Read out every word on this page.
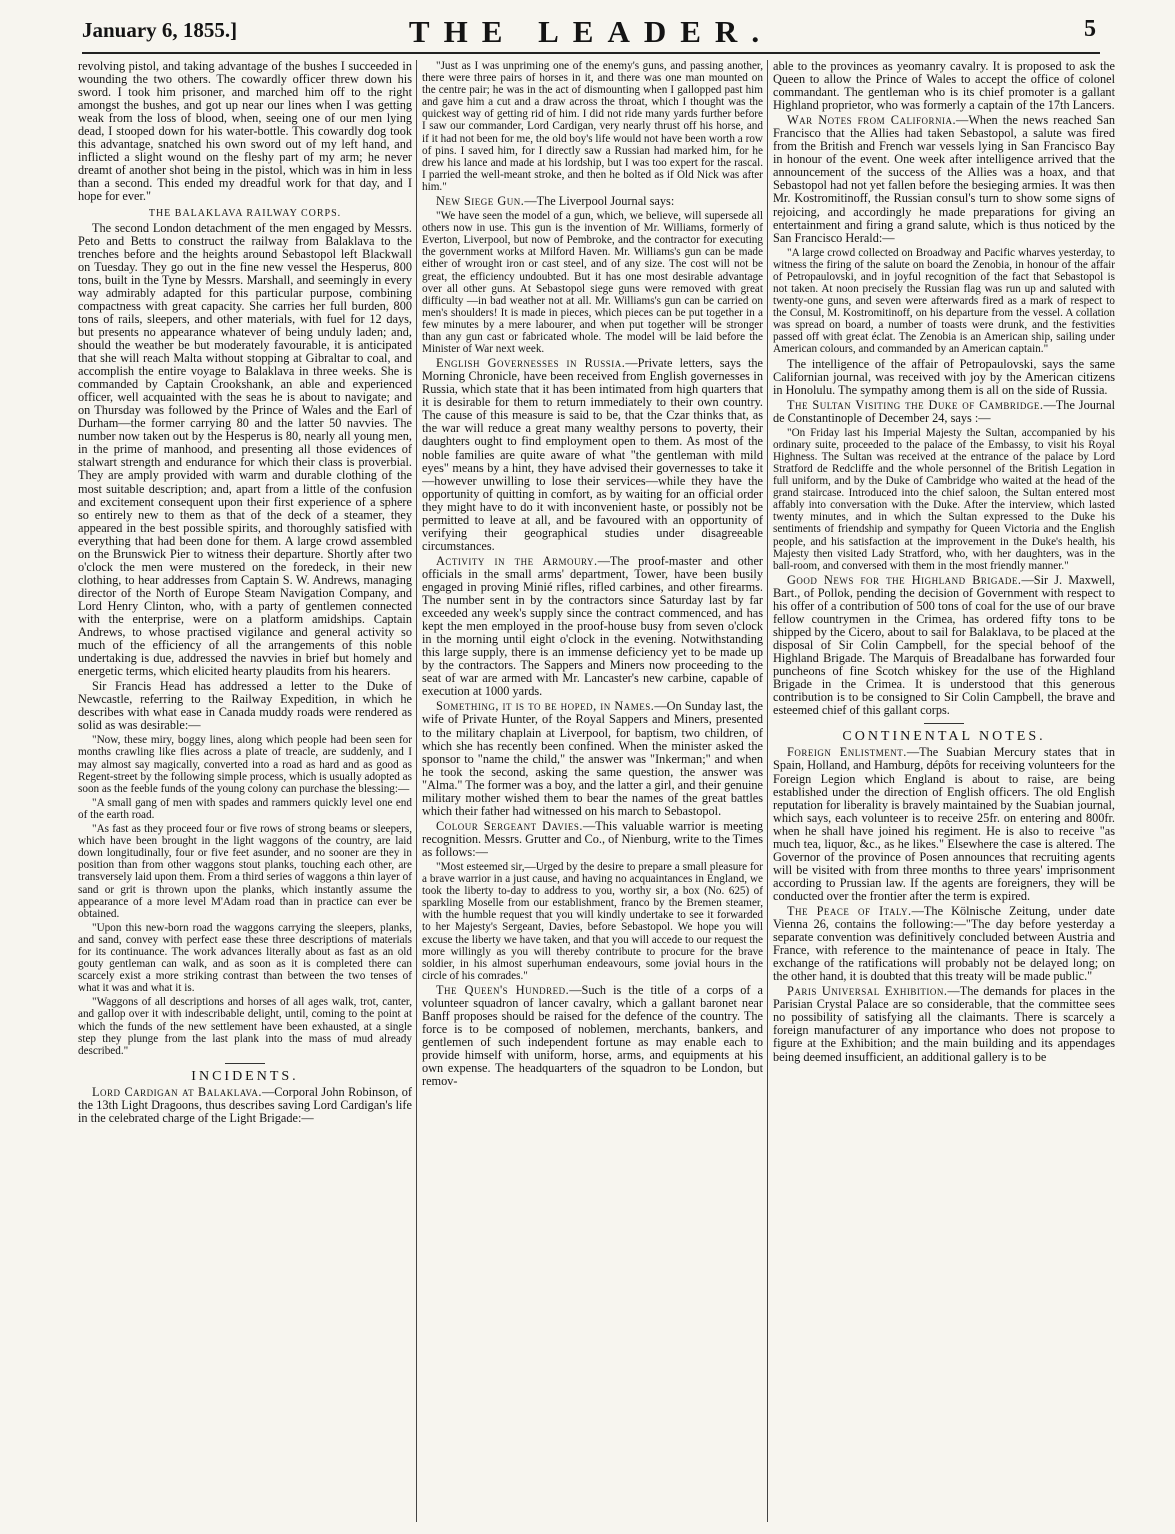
January 6, 1855.]	THE LEADER.	5

revolving pistol, and taking advantage of the bushes I succeeded in wounding the two others. The cowardly officer threw down his sword. I took him prisoner, and marched him off to the right amongst the bushes, and got up near our lines when I was getting weak from the loss of blood, when, seeing one of our men lying dead, I stooped down for his water-bottle. This cowardly dog took this advantage, snatched his own sword out of my left hand, and inflicted a slight wound on the fleshy part of my arm; he never dreamt of another shot being in the pistol, which was in him in less than a second. This ended my dreadful work for that day, and I hope for ever."

THE BALAKLAVA RAILWAY CORPS.

The second London detachment of the men engaged by Messrs. Peto and Betts to construct the railway from Balaklava to the trenches before and the heights around Sebastopol left Blackwall on Tuesday. They go out in the fine new vessel the Hesperus, 800 tons, built in the Tyne by Messrs. Marshall, and seemingly in every way admirably adapted for this particular purpose, combining compactness with great capacity. She carries her full burden, 800 tons of rails, sleepers, and other materials, with fuel for 12 days, but presents no appearance whatever of being unduly laden; and, should the weather be but moderately favourable, it is anticipated that she will reach Malta without stopping at Gibraltar to coal, and accomplish the entire voyage to Balaklava in three weeks. She is commanded by Captain Crookshank, an able and experienced officer, well acquainted with the seas he is about to navigate; and on Thursday was followed by the Prince of Wales and the Earl of Durham—the former carrying 80 and the latter 50 navvies. The number now taken out by the Hesperus is 80, nearly all young men, in the prime of manhood, and presenting all those evidences of stalwart strength and endurance for which their class is proverbial. They are amply provided with warm and durable clothing of the most suitable description; and, apart from a little of the confusion and excitement consequent upon their first experience of a sphere so entirely new to them as that of the deck of a steamer, they appeared in the best possible spirits, and thoroughly satisfied with everything that had been done for them. A large crowd assembled on the Brunswick Pier to witness their departure. Shortly after two o'clock the men were mustered on the foredeck, in their new clothing, to hear addresses from Captain S. W. Andrews, managing director of the North of Europe Steam Navigation Company, and Lord Henry Clinton, who, with a party of gentlemen connected with the enterprise, were on a platform amidships. Captain Andrews, to whose practised vigilance and general activity so much of the efficiency of all the arrangements of this noble undertaking is due, addressed the navvies in brief but homely and energetic terms, which elicited hearty plaudits from his hearers.

Sir Francis Head has addressed a letter to the Duke of Newcastle, referring to the Railway Expedition, in which he describes with what ease in Canada muddy roads were rendered as solid as was desirable:—

"Now, these miry, boggy lines, along which people had been seen for months crawling like flies across a plate of treacle, are suddenly, and I may almost say magically, converted into a road as hard and as good as Regent-street by the following simple process, which is usually adopted as soon as the feeble funds of the young colony can purchase the blessing:—

"A small gang of men with spades and rammers quickly level one end of the earth road.

"As fast as they proceed four or five rows of strong beams or sleepers, which have been brought in the light waggons of the country, are laid down longitudinally, four or five feet asunder, and no sooner are they in position than from other waggons stout planks, touching each other, are transversely laid upon them. From a third series of waggons a thin layer of sand or grit is thrown upon the planks, which instantly assume the appearance of a more level M'Adam road than in practice can ever be obtained.

"Upon this new-born road the waggons carrying the sleepers, planks, and sand, convey with perfect ease these three descriptions of materials for its continuance. The work advances literally about as fast as an old gouty gentleman can walk, and as soon as it is completed there can scarcely exist a more striking contrast than between the two tenses of what it was and what it is.

"Waggons of all descriptions and horses of all ages walk, trot, canter, and gallop over it with indescribable delight, until, coming to the point at which the funds of the new settlement have been exhausted, at a single step they plunge from the last plank into the mass of mud already described."

INCIDENTS.

Lord Cardigan at Balaklava.—Corporal John Robinson, of the 13th Light Dragoons, thus describes saving Lord Cardigan's life in the celebrated charge of the Light Brigade:—

"Just as I was unpriming one of the enemy's guns, and passing another, there were three pairs of horses in it, and there was one man mounted on the centre pair; he was in the act of dismounting when I gallopped past him and gave him a cut and a draw across the throat, which I thought was the quickest way of getting rid of him. I did not ride many yards further before I saw our commander, Lord Cardigan, very nearly thrust off his horse, and if it had not been for me, the old boy's life would not have been worth a row of pins. I saved him, for I directly saw a Russian had marked him, for he drew his lance and made at his lordship, but I was too expert for the rascal. I parried the well-meant stroke, and then he bolted as if Old Nick was after him."

New Siege Gun.—The Liverpool Journal says:

"We have seen the model of a gun, which, we believe, will supersede all others now in use. This gun is the invention of Mr. Williams, formerly of Everton, Liverpool, but now of Pembroke, and the contractor for executing the government works at Milford Haven. Mr. Williams's gun can be made either of wrought iron or cast steel, and of any size. The cost will not be great, the efficiency undoubted. But it has one most desirable advantage over all other guns. At Sebastopol siege guns were removed with great difficulty —in bad weather not at all. Mr. Williams's gun can be carried on men's shoulders! It is made in pieces, which pieces can be put together in a few minutes by a mere labourer, and when put together will be stronger than any gun cast or fabricated whole. The model will be laid before the Minister of War next week.

English Governesses in Russia.—Private letters, says the Morning Chronicle, have been received from English governesses in Russia, which state that it has been intimated from high quarters that it is desirable for them to return immediately to their own country. The cause of this measure is said to be, that the Czar thinks that, as the war will reduce a great many wealthy persons to poverty, their daughters ought to find employment open to them. As most of the noble families are quite aware of what "the gentleman with mild eyes" means by a hint, they have advised their governesses to take it—however unwilling to lose their services—while they have the opportunity of quitting in comfort, as by waiting for an official order they might have to do it with inconvenient haste, or possibly not be permitted to leave at all, and be favoured with an opportunity of verifying their geographical studies under disagreeable circumstances.

Activity in the Armoury.—The proof-master and other officials in the small arms' department, Tower, have been busily engaged in proving Minié rifles, rifled carbines, and other firearms. The number sent in by the contractors since Saturday last by far exceeded any week's supply since the contract commenced, and has kept the men employed in the proof-house busy from seven o'clock in the morning until eight o'clock in the evening. Notwithstanding this large supply, there is an immense deficiency yet to be made up by the contractors. The Sappers and Miners now proceeding to the seat of war are armed with Mr. Lancaster's new carbine, capable of execution at 1000 yards.

Something, it is to be hoped, in Names.—On Sunday last, the wife of Private Hunter, of the Royal Sappers and Miners, presented to the military chaplain at Liverpool, for baptism, two children, of which she has recently been confined. When the minister asked the sponsor to "name the child," the answer was "Inkerman;" and when he took the second, asking the same question, the answer was "Alma." The former was a boy, and the latter a girl, and their genuine military mother wished them to bear the names of the great battles which their father had witnessed on his march to Sebastopol.

Colour Sergeant Davies.—This valuable warrior is meeting recognition. Messrs. Grutter and Co., of Nienburg, write to the Times as follows:—

"Most esteemed sir,—Urged by the desire to prepare a small pleasure for a brave warrior in a just cause, and having no acquaintances in England, we took the liberty to-day to address to you, worthy sir, a box (No. 625) of sparkling Moselle from our establishment, franco by the Bremen steamer, with the humble request that you will kindly undertake to see it forwarded to her Majesty's Sergeant, Davies, before Sebastopol. We hope you will excuse the liberty we have taken, and that you will accede to our request the more willingly as you will thereby contribute to procure for the brave soldier, in his almost superhuman endeavours, some jovial hours in the circle of his comrades."

The Queen's Hundred.—Such is the title of a corps of a volunteer squadron of lancer cavalry, which a gallant baronet near Banff proposes should be raised for the defence of the country. The force is to be composed of noblemen, merchants, bankers, and gentlemen of such independent fortune as may enable each to provide himself with uniform, horse, arms, and equipments at his own expense. The headquarters of the squadron to be London, but remov-

able to the provinces as yeomanry cavalry. It is proposed to ask the Queen to allow the Prince of Wales to accept the office of colonel commandant. The gentleman who is its chief promoter is a gallant Highland proprietor, who was formerly a captain of the 17th Lancers.

War Notes from California.—When the news reached San Francisco that the Allies had taken Sebastopol, a salute was fired from the British and French war vessels lying in San Francisco Bay in honour of the event. One week after intelligence arrived that the announcement of the success of the Allies was a hoax, and that Sebastopol had not yet fallen before the besieging armies. It was then Mr. Kostromitinoff, the Russian consul's turn to show some signs of rejoicing, and accordingly he made preparations for giving an entertainment and firing a grand salute, which is thus noticed by the San Francisco Herald:—

"A large crowd collected on Broadway and Pacific wharves yesterday, to witness the firing of the salute on board the Zenobia, in honour of the affair of Petropaulovski, and in joyful recognition of the fact that Sebastopol is not taken. At noon precisely the Russian flag was run up and saluted with twenty-one guns, and seven were afterwards fired as a mark of respect to the Consul, M. Kostromitinoff, on his departure from the vessel. A collation was spread on board, a number of toasts were drunk, and the festivities passed off with great éclat. The Zenobia is an American ship, sailing under American colours, and commanded by an American captain."

The intelligence of the affair of Petropaulovski, says the same Californian journal, was received with joy by the American citizens in Honolulu. The sympathy among them is all on the side of Russia.

The Sultan Visiting the Duke of Cambridge.—The Journal de Constantinople of December 24, says :—

"On Friday last his Imperial Majesty the Sultan, accompanied by his ordinary suite, proceeded to the palace of the Embassy, to visit his Royal Highness. The Sultan was received at the entrance of the palace by Lord Stratford de Redcliffe and the whole personnel of the British Legation in full uniform, and by the Duke of Cambridge who waited at the head of the grand staircase. Introduced into the chief saloon, the Sultan entered most affably into conversation with the Duke. After the interview, which lasted twenty minutes, and in which the Sultan expressed to the Duke his sentiments of friendship and sympathy for Queen Victoria and the English people, and his satisfaction at the improvement in the Duke's health, his Majesty then visited Lady Stratford, who, with her daughters, was in the ball-room, and conversed with them in the most friendly manner."

Good News for the Highland Brigade.—Sir J. Maxwell, Bart., of Pollok, pending the decision of Government with respect to his offer of a contribution of 500 tons of coal for the use of our brave fellow countrymen in the Crimea, has ordered fifty tons to be shipped by the Cicero, about to sail for Balaklava, to be placed at the disposal of Sir Colin Campbell, for the special behoof of the Highland Brigade. The Marquis of Breadalbane has forwarded four puncheons of fine Scotch whiskey for the use of the Highland Brigade in the Crimea. It is understood that this generous contribution is to be consigned to Sir Colin Campbell, the brave and esteemed chief of this gallant corps.

CONTINENTAL NOTES.

Foreign Enlistment.—The Suabian Mercury states that in Spain, Holland, and Hamburg, dépôts for receiving volunteers for the Foreign Legion which England is about to raise, are being established under the direction of English officers. The old English reputation for liberality is bravely maintained by the Suabian journal, which says, each volunteer is to receive 25fr. on entering and 800fr. when he shall have joined his regiment. He is also to receive "as much tea, liquor, &c., as he likes." Elsewhere the case is altered. The Governor of the province of Posen announces that recruiting agents will be visited with from three months to three years' imprisonment according to Prussian law. If the agents are foreigners, they will be conducted over the frontier after the term is expired.

The Peace of Italy.—The Kölnische Zeitung, under date Vienna 26, contains the following:—"The day before yesterday a separate convention was definitively concluded between Austria and France, with reference to the maintenance of peace in Italy. The exchange of the ratifications will probably not be delayed long; on the other hand, it is doubted that this treaty will be made public."

Paris Universal Exhibition.—The demands for places in the Parisian Crystal Palace are so considerable, that the committee sees no possibility of satisfying all the claimants. There is scarcely a foreign manufacturer of any importance who does not propose to figure at the Exhibition; and the main building and its appendages being deemed insufficient, an additional gallery is to be
